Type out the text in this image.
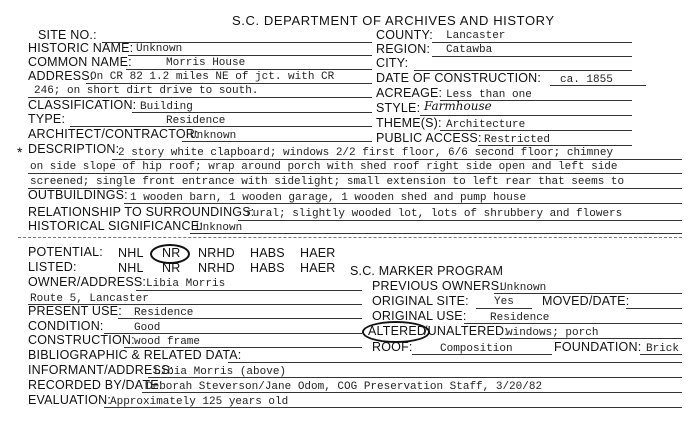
S.C. DEPARTMENT OF ARCHIVES AND HISTORY
SITE NO.:
HISTORIC NAME: Unknown
COMMON NAME:	Morris House
ADDRESS:
On CR 82 1.2 miles NE of jct. with CR
246; on short dirt drive to south.
CLASSIFICATION: Building
TYPE:	Residence
ARCHITECT/CONTRACTOR:
Unknown
COUNTY: Lancaster
REGION: Catawba
CITY:
DATE OF CONSTRUCTION: ca. 1855
ACREAGE: Less than one
STYLE: Farmhouse
THEME(S): Architecture
PUBLIC ACCESS: Restricted
* DESCRIPTION:
2 story white clapboard; windows 2/2 first floor, 6/6 second floor; chimney
on side slope of hip roof; wrap around porch with shed roof right side open and left side
screened; single front entrance with sidelight; small extension to left rear that seems to
OUTBUILDINGS: 1 wooden barn, 1 wooden garage, 1 wooden shed and pump house
RELATIONSHIP TO SURROUNDINGS:
rural; slightly wooded lot, lots of shrubbery and flowers
HISTORICAL SIGNIFICANCE:
Unknown
POTENTIAL: NHL NR NRHD HABS HAER
LISTED:	NHL NR NRHD HABS HAER S.C. MARKER PROGRAM
OWNER/ADDRESS: Libia Morris
Route 5, Lancaster
PRESENT USE: Residence
CONDITION:	Good
CONSTRUCTION: wood frame
BIBLIOGRAPHIC & RELATED DATA:
INFORMANT/ADDRESS:
Libia Morris (above)
RECORDED BY/DATE:
Deborah Steverson/Jane Odom, COG Preservation Staff, 3/20/82
EVALUATION:
Approximately 125 years old
PREVIOUS OWNERS:
Unknown
ORIGINAL SITE: Yes MOVED/DATE:
ORIGINAL USE: Residence
ALTERED
/UNALTERED:
windows; porch
ROOF: Composition	FOUNDATION: Brick
